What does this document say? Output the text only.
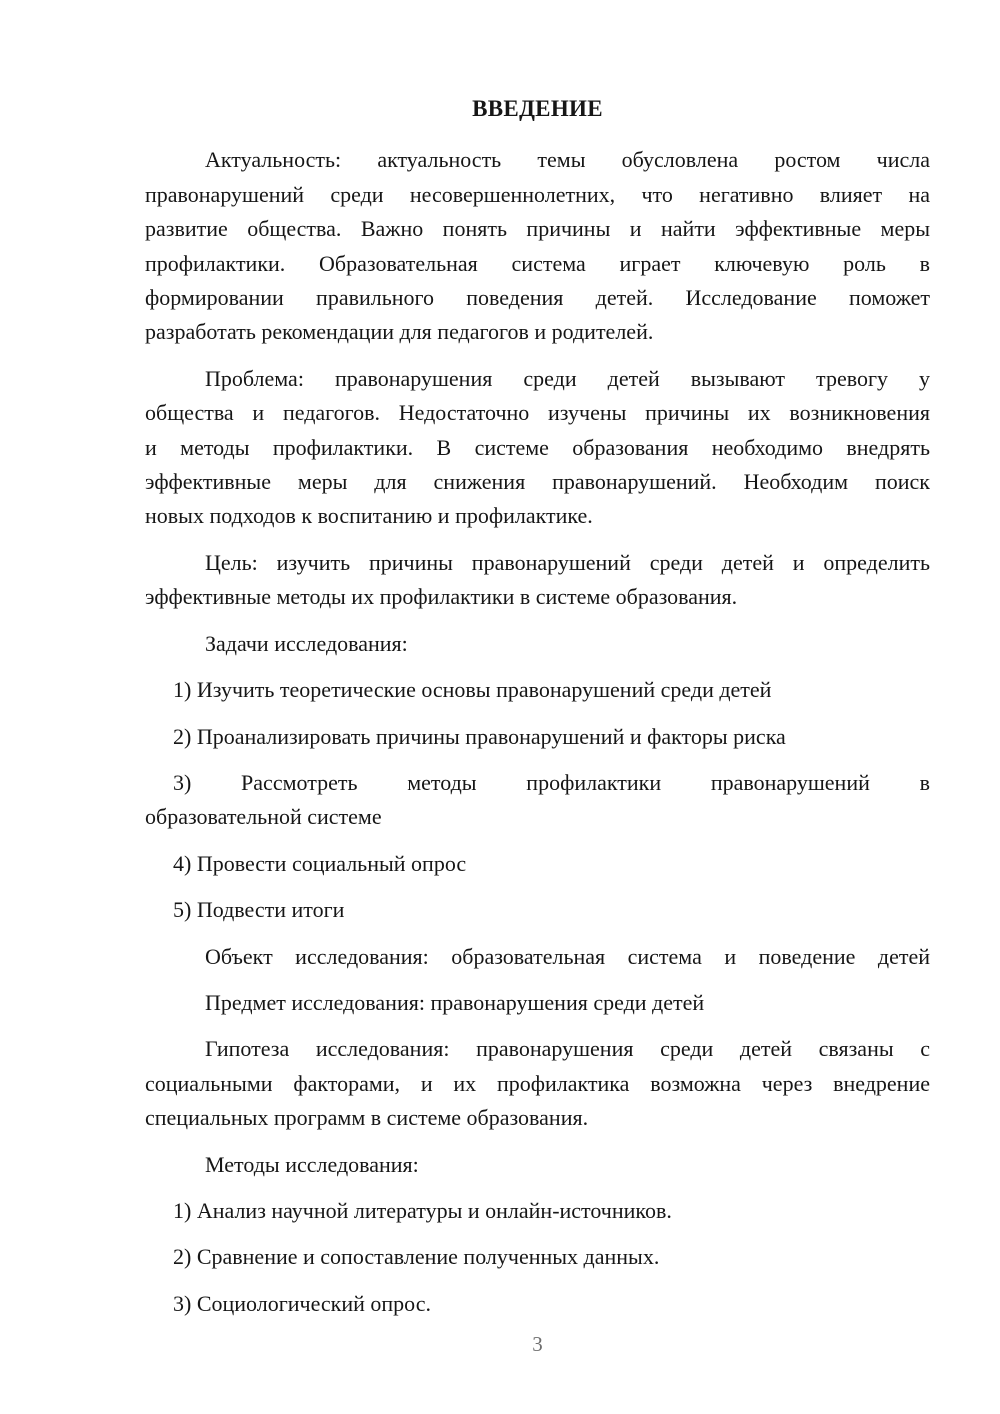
ВВЕДЕНИЕ

Актуальность: актуальность темы обусловлена ростом числа
правонарушений среди несовершеннолетних, что негативно влияет на
развитие общества. Важно понять причины и найти эффективные меры
профилактики. Образовательная система играет ключевую роль в
формировании правильного поведения детей. Исследование поможет
разработать рекомендации для педагогов и родителей.

Проблема: правонарушения среди детей вызывают тревогу у
общества и педагогов. Недостаточно изучены причины их возникновения
и методы профилактики. В системе образования необходимо внедрять
эффективные меры для снижения правонарушений. Необходим поиск
новых подходов к воспитанию и профилактике.

Цель: изучить причины правонарушений среди детей и определить
эффективные методы их профилактики в системе образования.

Задачи исследования:

1) Изучить теоретические основы правонарушений среди детей

2) Проанализировать причины правонарушений и факторы риска

3) Рассмотреть методы профилактики правонарушений в
образовательной системе

4) Провести социальный опрос

5) Подвести итоги

Объект исследования: образовательная система и поведение детей

Предмет исследования: правонарушения среди детей

Гипотеза исследования: правонарушения среди детей связаны с
социальными факторами, и их профилактика возможна через внедрение
специальных программ в системе образования.

Методы исследования:

1) Анализ научной литературы и онлайн-источников.

2) Сравнение и сопоставление полученных данных.

3) Социологический опрос.

3
